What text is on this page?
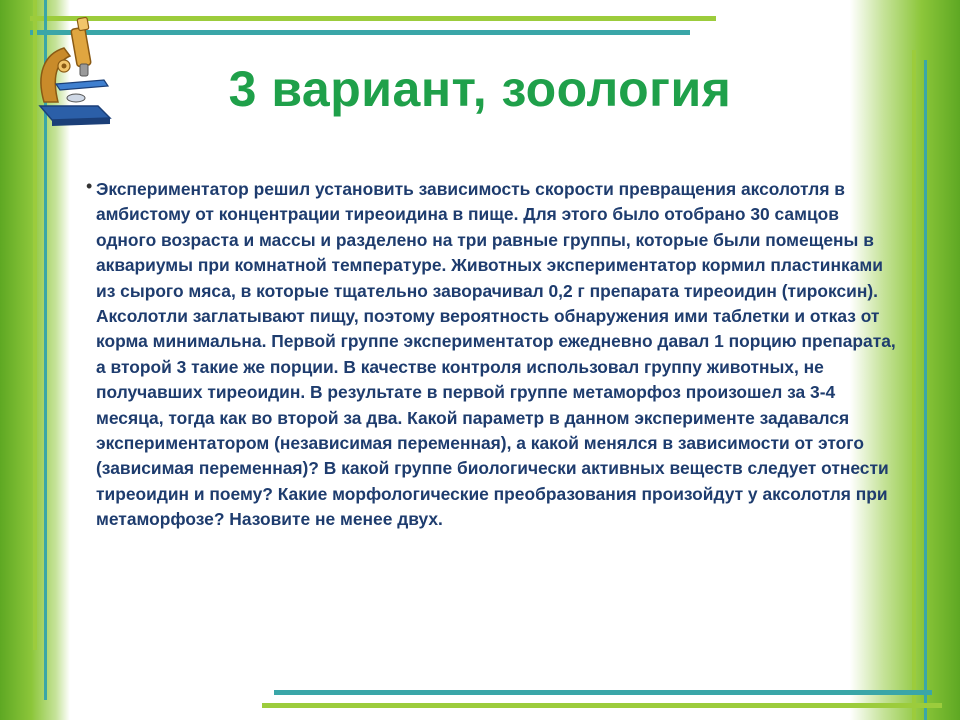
3 вариант, зоология
• Экспериментатор решил установить зависимость скорости превращения аксолотля в амбистому от концентрации тиреоидина в пище. Для этого было отобрано 30 самцов одного возраста и массы и разделено на три равные группы, которые были помещены в аквариумы при комнатной температуре. Животных экспериментатор кормил пластинками из сырого мяса, в которые тщательно заворачивал 0,2 г препарата тиреоидин (тироксин). Аксолотли заглатывают пищу, поэтому вероятность обнаружения ими таблетки и отказ от корма минимальна. Первой группе экспериментатор ежедневно давал 1 порцию препарата, а второй 3 такие же порции. В качестве контроля использовал группу животных, не получавших тиреоидин. В результате в первой группе метаморфоз произошел за 3-4 месяца, тогда как во второй за два. Какой параметр в данном эксперименте задавался экспериментатором (независимая переменная), а какой менялся в зависимости от этого (зависимая переменная)? В какой группе биологически активных веществ следует отнести тиреоидин и поему? Какие морфологические преобразования произойдут у аксолотля при метаморфозе? Назовите не менее двух.
